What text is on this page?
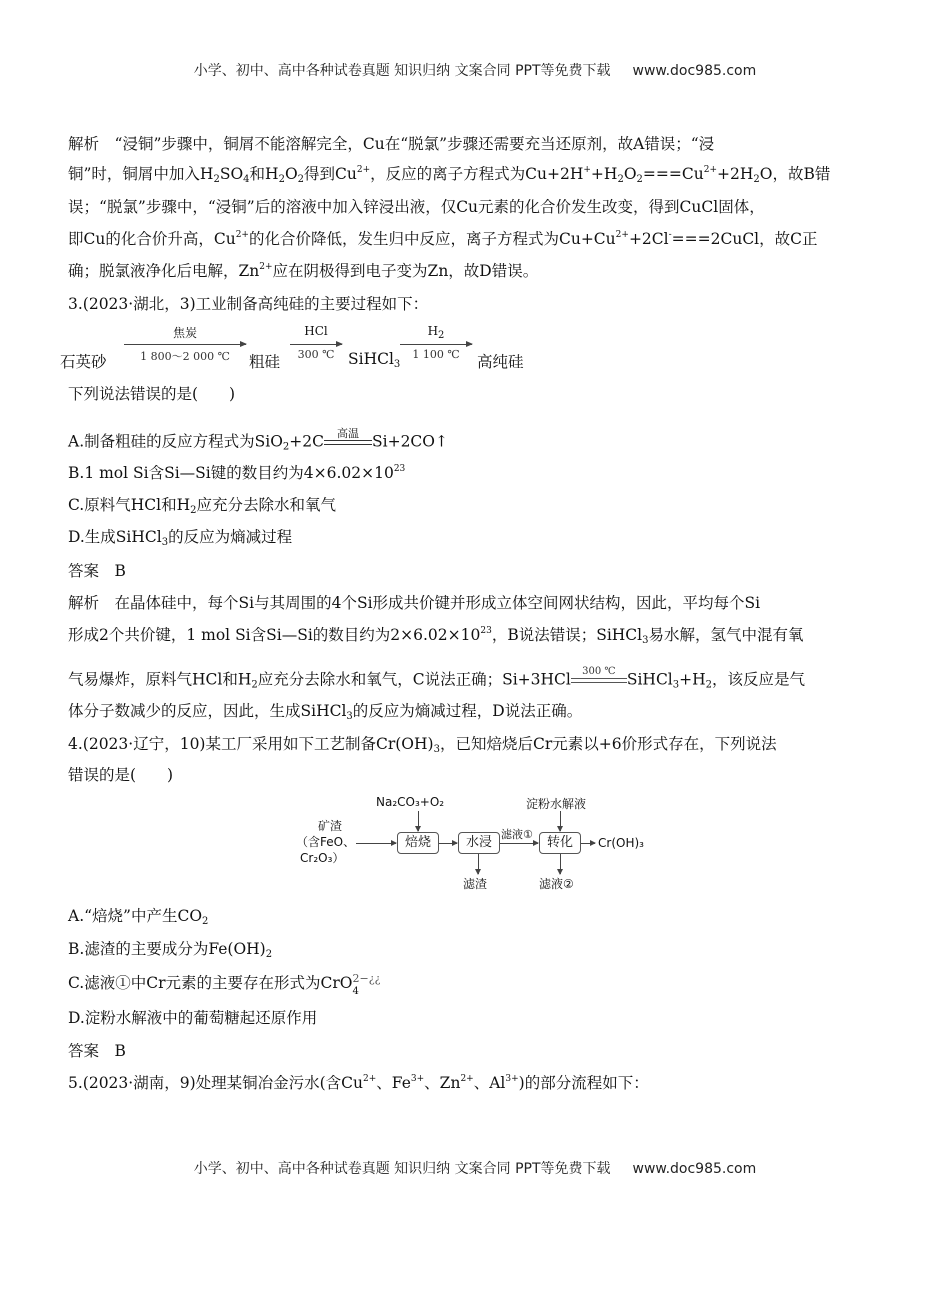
小学、初中、高中各种试卷真题 知识归纳 文案合同 PPT等免费下载 www.doc985.com
解析　 “浸铜”步骤中，铜屑不能溶解完全，Cu在“脱氯”步骤还需要充当还原剂，故A错误；“浸
铜”时，铜屑中加入$H_2SO_4$和$H_2O_2$得到$Cu^{2+}$，反应的离子方程式为$Cu+2H^++H_2O_2===Cu^{2+}+2H_2O$，故B错
误；“脱氯”步骤中，“浸铜”后的溶液中加入锌浸出液，仅Cu元素的化合价发生改变，得到CuCl固体，
即Cu的化合价升高，$Cu^{2+}$的化合价降低，发生归中反应，离子方程式为$Cu+Cu^{2+}+2Cl^-===2CuCl$，故C正
确；脱氯液净化后电解，$Zn^{2+}$应在阴极得到电子变为Zn，故D错误。
3.(2023·湖北，3)工业制备高纯硅的主要过程如下：
石英砂
焦炭
1 800～2 000 ℃	粗硅
HCl
300 ℃ SiHCl$_3$
$H_2$
1 100 ℃	高纯硅
下列说法错误的是(　　)
A.制备粗硅的反应方程式为SiO$_2$+2C	高温 Si+2CO↑
B.1 mol Si含Si—Si键的数目约为$4\times 6.02\times 10^{23}$
C.原料气HCl和$H_2$应充分去除水和氧气
D.生成SiHCl$_3$的反应为熵减过程
答案　B
解析　 在晶体硅中，每个Si与其周围的4个Si形成共价键并形成立体空间网状结构，因此，平均每个Si
形成2个共价键，1 mol Si含Si—Si的数目约为$2\times 6.02\times 10^{23}$，B说法错误；SiHCl$_3$易水解，氢气中混有氧
气易爆炸，原料气HCl和$H_2$应充分去除水和氧气，C说法正确；Si+3HCl	300 ℃ $SiHCl_3+H_2$，该反应是气
体分子数减少的反应，因此，生成SiHCl$_3$的反应为熵减过程，D说法正确。
4.(2023·辽宁，10)某工厂采用如下工艺制备$Cr(OH)_3$，已知焙烧后Cr元素以+6价形式存在，下列说法
错误的是(　　)
矿渣
（含FeO、
Cr₂O₃）
Na₂CO₃+O₂
焙烧	水浸
滤渣
滤液①
淀粉水解液
转化	Cr(OH)₃
滤液②
A.“焙烧”中产生$CO_2$
B.滤渣的主要成分为$Fe(OH)_2$
C.滤液①中Cr元素的主要存在形式为CrO 2−¿¿
4
D.淀粉水解液中的葡萄糖起还原作用
答案　B
5.(2023·湖南，9)处理某铜冶金污水(含$Cu^{2+}$、$Fe^{3+}$、$Zn^{2+}$、$Al^{3+}$)的部分流程如下：
小学、初中、高中各种试卷真题 知识归纳 文案合同 PPT等免费下载 www.doc985.com
